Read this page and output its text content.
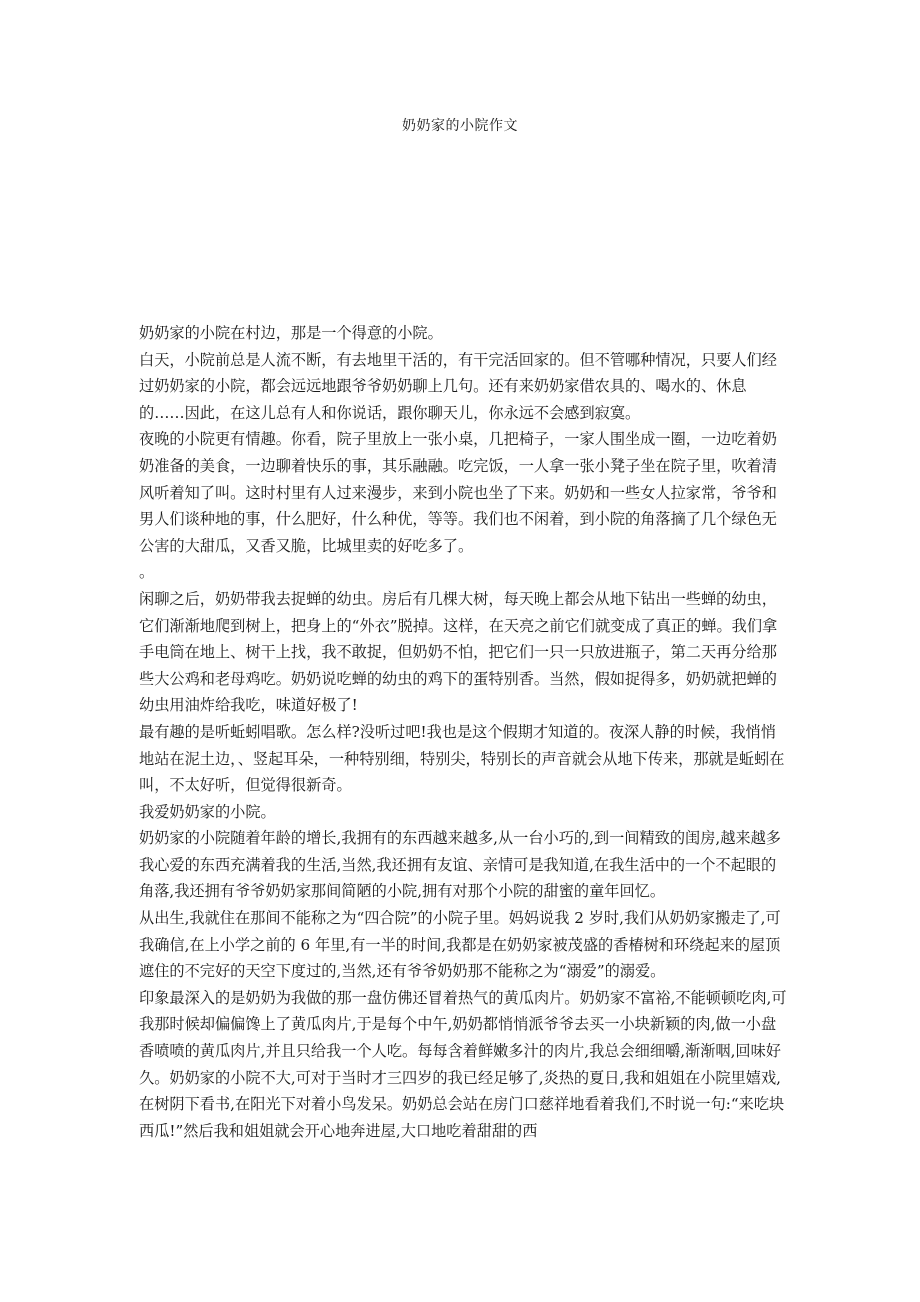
奶奶家的小院作文

奶奶家的小院在村边，那是一个得意的小院。

白天，小院前总是人流不断，有去地里干活的，有干完活回家的。但不管哪种情况，只要人们经过奶奶家的小院，都会远远地跟爷爷奶奶聊上几句。还有来奶奶家借农具的、喝水的、休息的……因此，在这儿总有人和你说话，跟你聊天儿，你永远不会感到寂寞。

夜晚的小院更有情趣。你看，院子里放上一张小桌，几把椅子，一家人围坐成一圈，一边吃着奶奶准备的美食，一边聊着快乐的事，其乐融融。吃完饭，一人拿一张小凳子坐在院子里，吹着清风听着知了叫。这时村里有人过来漫步，来到小院也坐了下来。奶奶和一些女人拉家常，爷爷和男人们谈种地的事，什么肥好，什么种优，等等。我们也不闲着，到小院的角落摘了几个绿色无公害的大甜瓜，又香又脆，比城里卖的好吃多了。

。

闲聊之后，奶奶带我去捉蝉的幼虫。房后有几棵大树，每天晚上都会从地下钻出一些蝉的幼虫，它们渐渐地爬到树上，把身上的“外衣”脱掉。这样，在天亮之前它们就变成了真正的蝉。我们拿手电筒在地上、树干上找，我不敢捉，但奶奶不怕，把它们一只一只放进瓶子，第二天再分给那些大公鸡和老母鸡吃。奶奶说吃蝉的幼虫的鸡下的蛋特别香。当然，假如捉得多，奶奶就把蝉的幼虫用油炸给我吃，味道好极了!

最有趣的是听蚯蚓唱歌。怎么样?没听过吧!我也是这个假期才知道的。夜深人静的时候，我悄悄地站在泥土边，、竖起耳朵，一种特别细，特别尖，特别长的声音就会从地下传来，那就是蚯蚓在叫，不太好听，但觉得很新奇。

我爱奶奶家的小院。

奶奶家的小院随着年龄的增长,我拥有的东西越来越多,从一台小巧的,到一间精致的闺房,越来越多我心爱的东西充满着我的生活,当然,我还拥有友谊、亲情可是我知道,在我生活中的一个不起眼的角落,我还拥有爷爷奶奶家那间简陋的小院,拥有对那个小院的甜蜜的童年回忆。

从出生,我就住在那间不能称之为“四合院”的小院子里。妈妈说我 2 岁时,我们从奶奶家搬走了,可我确信,在上小学之前的 6 年里,有一半的时间,我都是在奶奶家被茂盛的香椿树和环绕起来的屋顶遮住的不完好的天空下度过的,当然,还有爷爷奶奶那不能称之为“溺爱”的溺爱。

印象最深入的是奶奶为我做的那一盘仿佛还冒着热气的黄瓜肉片。奶奶家不富裕,不能顿顿吃肉,可我那时候却偏偏馋上了黄瓜肉片,于是每个中午,奶奶都悄悄派爷爷去买一小块新颖的肉,做一小盘香喷喷的黄瓜肉片,并且只给我一个人吃。每每含着鲜嫩多汁的肉片,我总会细细嚼,渐渐咽,回味好久。奶奶家的小院不大,可对于当时才三四岁的我已经足够了,炎热的夏日,我和姐姐在小院里嬉戏,在树阴下看书,在阳光下对着小鸟发呆。奶奶总会站在房门口慈祥地看着我们,不时说一句:“来吃块西瓜!”然后我和姐姐就会开心地奔进屋,大口地吃着甜甜的西
